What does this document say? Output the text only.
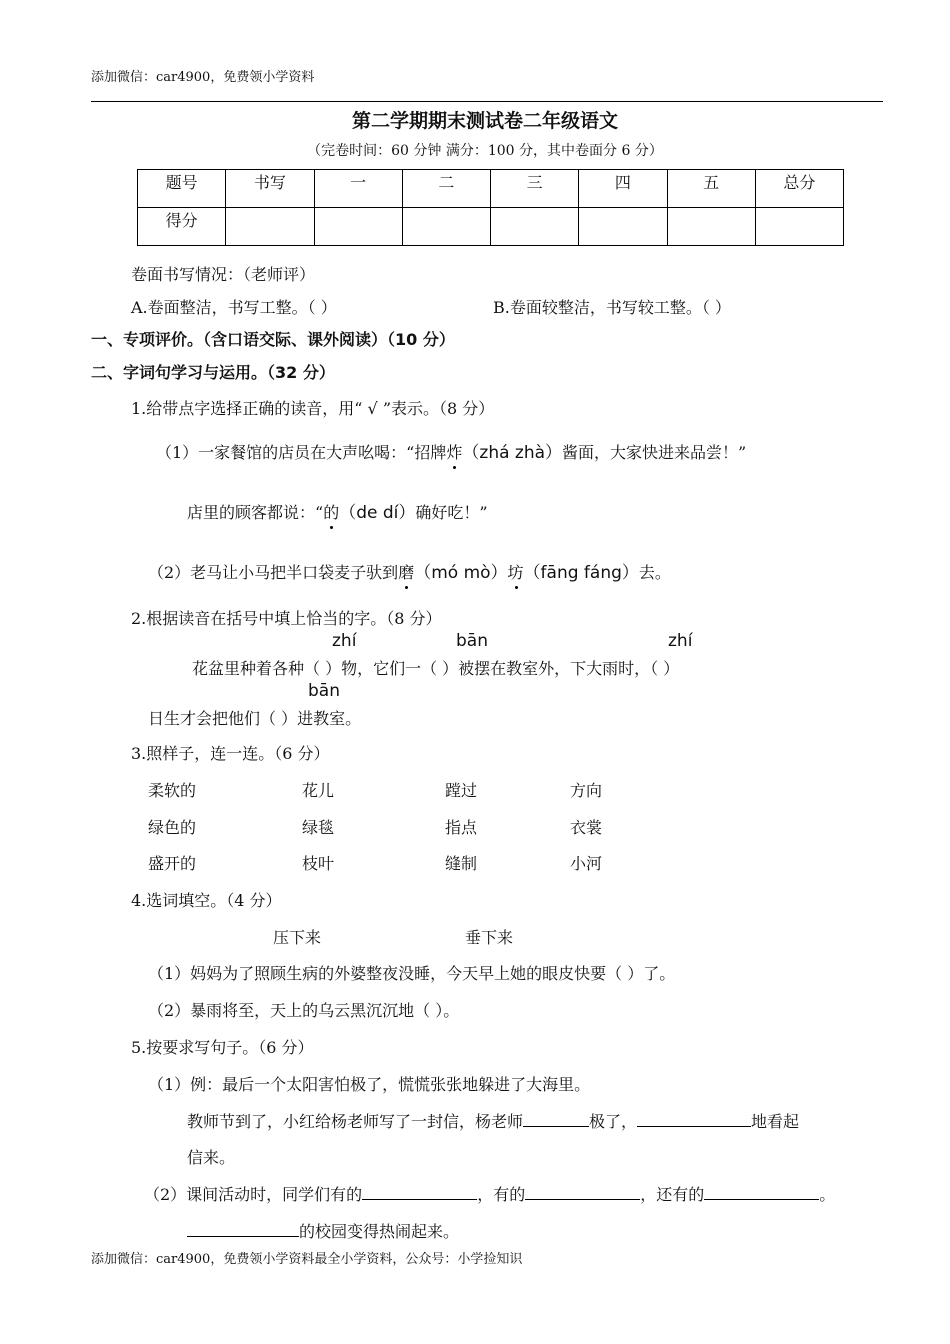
添加微信：car4900，免费领小学资料
第二学期期末测试卷二年级语文
（完卷时间：60 分钟 满分：100 分，其中卷面分 6 分）
题号	书写	一	二	三	四	五	总分
得分							
卷面书写情况：（老师评）
A.卷面整洁，书写工整。（ ）	B.卷面较整洁，书写较工整。（ ）
一、专项评价。（含口语交际、课外阅读）（10 分）
二、字词句学习与运用。（32 分）
1.给带点字选择正确的读音，用“ √ ”表示。（8 分）
（1）一家餐馆的店员在大声吆喝：“招牌炸（zhá zhà）酱面，大家快进来品尝！”
店里的顾客都说：“的（de dí）确好吃！”
（2）老马让小马把半口袋麦子驮到磨（mó mò）坊（fāng fáng）去。
2.根据读音在括号中填上恰当的字。（8 分）
zhí	bān	zhí
花盆里种着各种（ ）物，它们一（ ）被摆在教室外，下大雨时，（ ）
bān
日生才会把他们（ ）进教室。
3.照样子，连一连。（6 分）
柔软的	花儿	蹚过	方向
绿色的	绿毯	指点	衣裳
盛开的	枝叶	缝制	小河
4.选词填空。（4 分）
压下来	垂下来
（1）妈妈为了照顾生病的外婆整夜没睡，今天早上她的眼皮快要（ ）了。
（2）暴雨将至，天上的乌云黑沉沉地（ ）。
5.按要求写句子。（6 分）
（1）例：最后一个太阳害怕极了，慌慌张张地躲进了大海里。
教师节到了，小红给杨老师写了一封信，杨老师	极了，	地看起
信来。
（2）课间活动时，同学们有的	，有的	，还有的	。
的校园变得热闹起来。
添加微信：car4900，免费领小学资料最全小学资料，公众号：小学捡知识
